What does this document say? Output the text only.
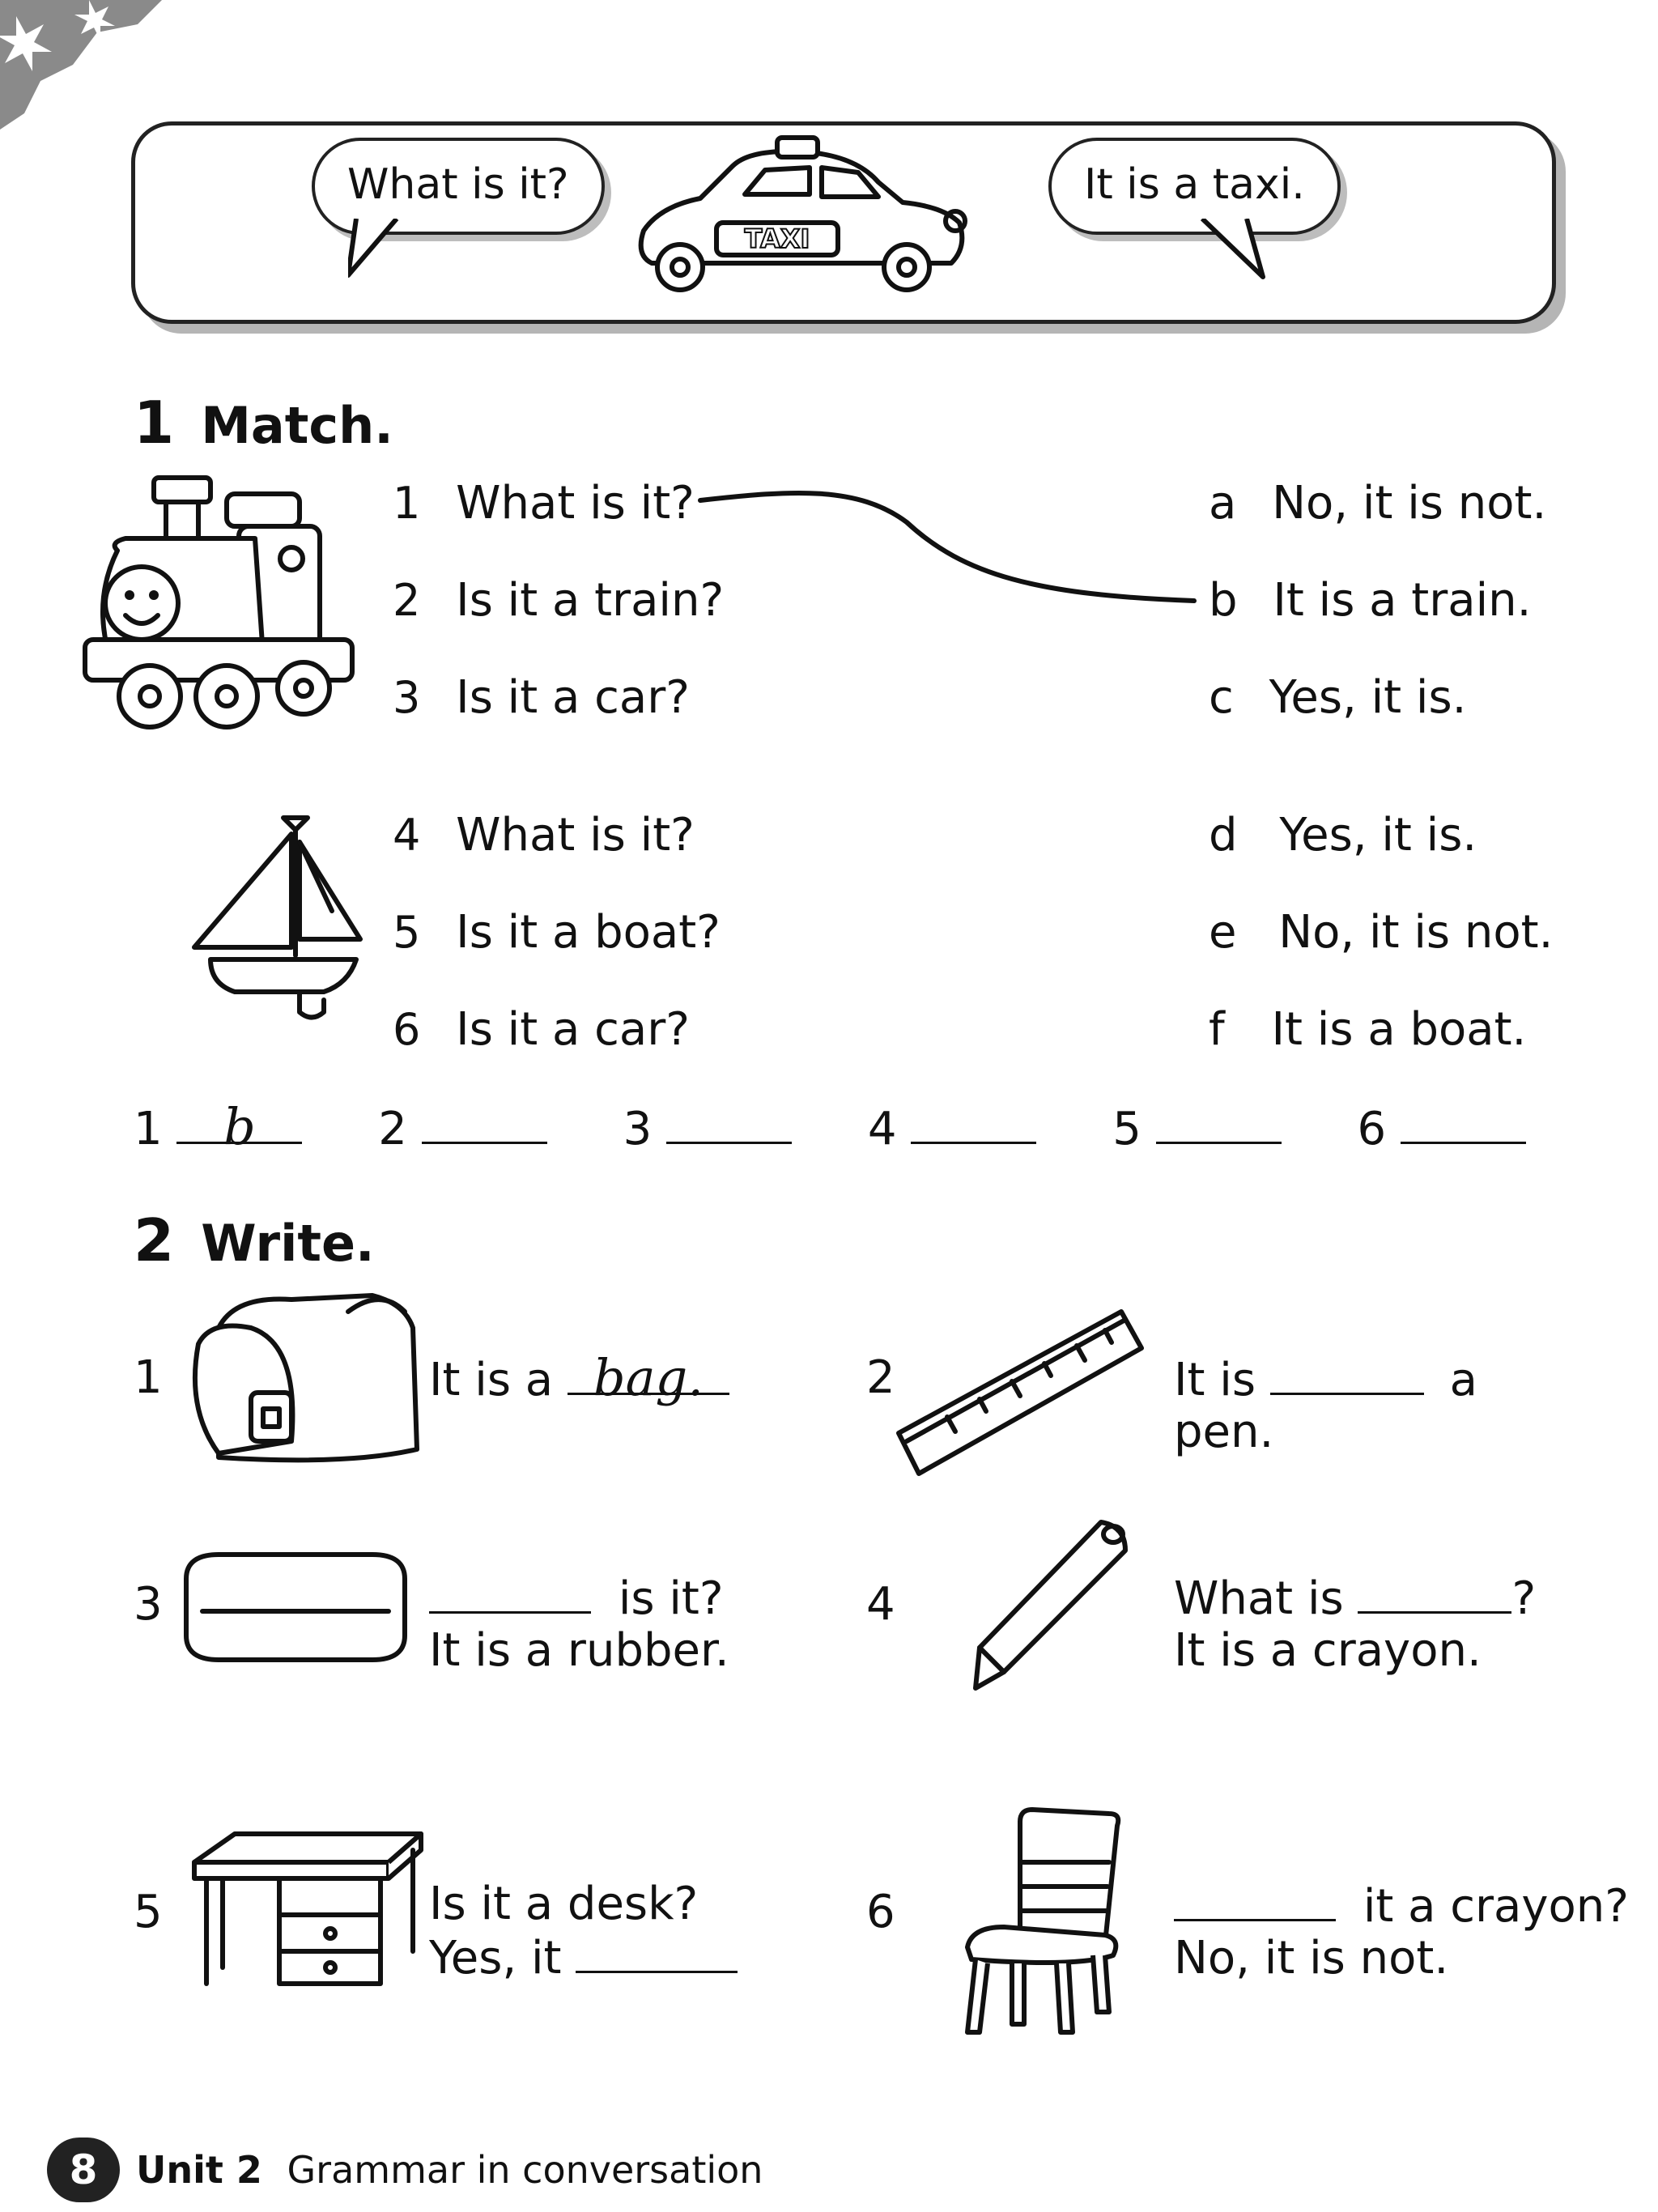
What is it?	It is a taxi.
TAXI
1 Match.
1 What is it?
2 Is it a train?
3 Is it a car?
a No, it is not.
b It is a train.
c Yes, it is.
4 What is it?
5 Is it a boat?
6 Is it a car?
d Yes, it is.
e No, it is not.
f It is a boat.
1 b	2	3	4	5	6
2 Write.
1	It is a bag.	2	It is	a
pen.
3	is it?
It is a rubber.
4	What is	?
It is a crayon.
5	Is it a desk?
Yes, it
6	it a crayon?
No, it is not.
8 Unit 2 Grammar in conversation
